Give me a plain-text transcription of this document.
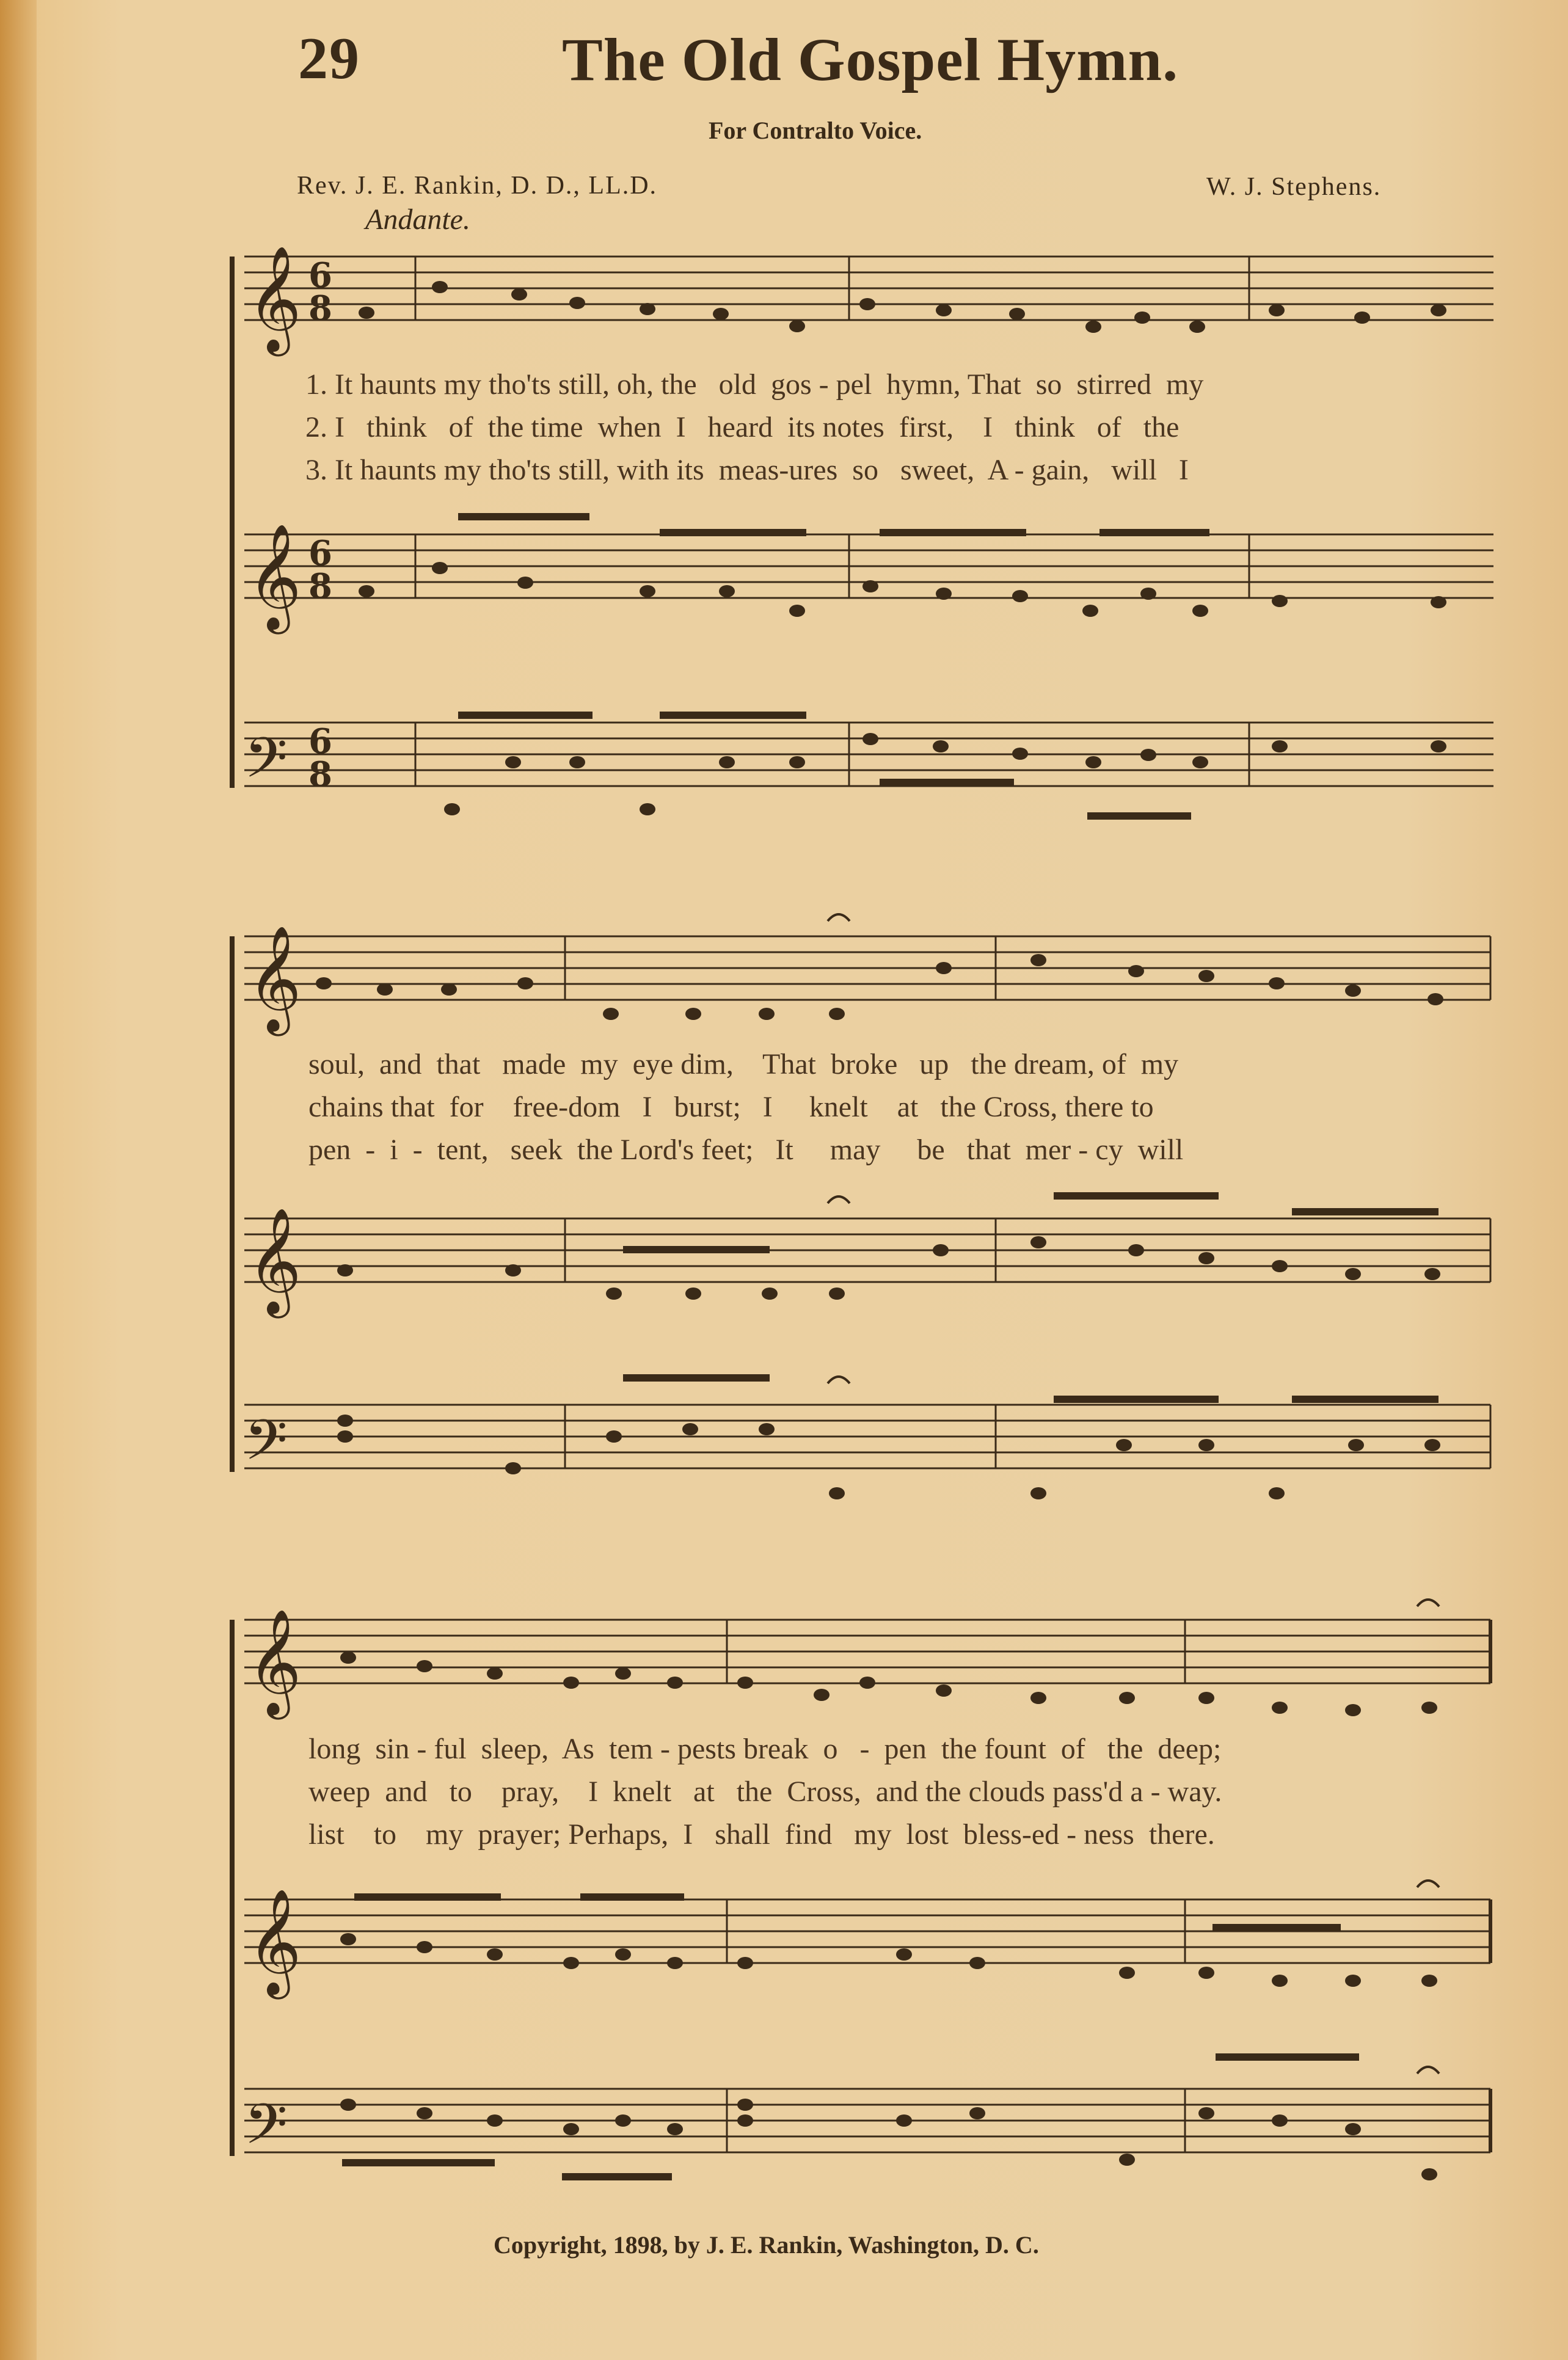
29	The Old Gospel Hymn.
For Contralto Voice.
Rev. J. E. Rankin, D. D., LL.D.	W. J. Stephens.
Andante.
𝄞
𝄞
𝄢
𝄞
𝄞
𝄢
𝄞
𝄞
𝄢
6
8
6
8
6
8
1. It haunts my tho'ts still, oh, the   old  gos - pel  hymn, That  so  stirred  my
2. I   think   of  the time  when  I   heard  its notes  first,    I   think   of   the
3. It haunts my tho'ts still, with its  meas-ures  so   sweet,  A - gain,   will   I
soul,  and  that   made  my  eye dim,    That  broke   up   the dream, of  my
chains that  for    free-dom   I   burst;   I     knelt    at   the Cross, there to
pen  -  i  -  tent,   seek  the Lord's feet;   It     may     be   that  mer - cy  will
long  sin - ful  sleep,  As  tem - pests break  o   -  pen  the fount  of   the  deep;
weep  and   to    pray,    I  knelt   at   the  Cross,  and the clouds pass'd a - way.
list    to    my  prayer; Perhaps,  I   shall  find   my  lost  bless-ed - ness  there.
Copyright, 1898, by J. E. Rankin, Washington, D. C.
